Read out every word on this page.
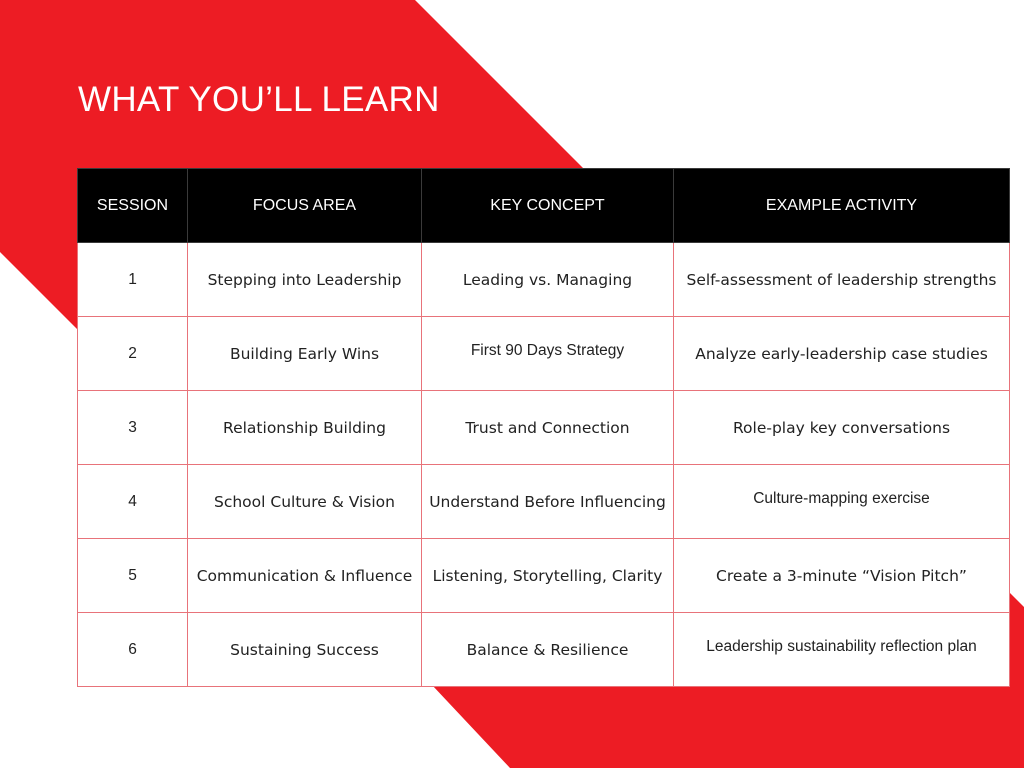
WHAT YOU’LL LEARN
SESSION	FOCUS AREA	KEY CONCEPT	EXAMPLE ACTIVITY
1	Stepping into Leadership	Leading vs. Managing	Self-assessment of leadership strengths
2	Building Early Wins	First 90 Days Strategy	Analyze early-leadership case studies
3	Relationship Building	Trust and Connection	Role-play key conversations
4	School Culture & Vision	Understand Before Influencing	Culture-mapping exercise
5	Communication & Influence	Listening, Storytelling, Clarity	Create a 3-minute “Vision Pitch”
6	Sustaining Success	Balance & Resilience	Leadership sustainability reflection plan
